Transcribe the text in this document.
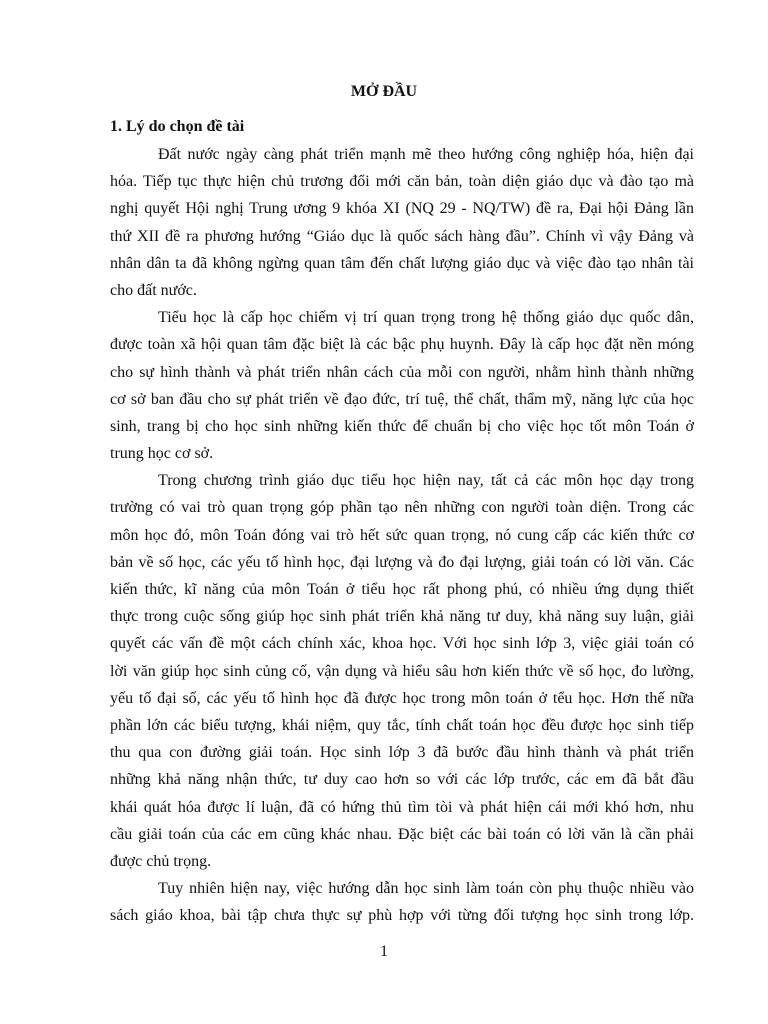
MỞ ĐẦU
1. Lý do chọn đề tài
Đất nước ngày càng phát triển mạnh mẽ theo hướng công nghiệp hóa, hiện đại
hóa. Tiếp tục thực hiện chủ trương đổi mới căn bản, toàn diện giáo dục và đào tạo mà
nghị quyết Hội nghị Trung ương 9 khóa XI (NQ 29 - NQ/TW) đề ra, Đại hội Đảng lần
thứ XII đề ra phương hướng “Giáo dục là quốc sách hàng đầu”. Chính vì vậy Đảng và
nhân dân ta đã không ngừng quan tâm đến chất lượng giáo dục và việc đào tạo nhân tài
cho đất nước.
Tiểu học là cấp học chiếm vị trí quan trọng trong hệ thống giáo dục quốc dân,
được toàn xã hội quan tâm đặc biệt là các bậc phụ huynh. Đây là cấp học đặt nền móng
cho sự hình thành và phát triển nhân cách của mỗi con người, nhằm hình thành những
cơ sở ban đầu cho sự phát triển về đạo đức, trí tuệ, thể chất, thẩm mỹ, năng lực của học
sinh, trang bị cho học sinh những kiến thức để chuẩn bị cho việc học tốt môn Toán ở
trung học cơ sở.
Trong chương trình giáo dục tiểu học hiện nay, tất cả các môn học dạy trong
trường có vai trò quan trọng góp phần tạo nên những con người toàn diện. Trong các
môn học đó, môn Toán đóng vai trò hết sức quan trọng, nó cung cấp các kiến thức cơ
bản về số học, các yếu tố hình học, đại lượng và đo đại lượng, giải toán có lời văn. Các
kiến thức, kĩ năng của môn Toán ở tiểu học rất phong phú, có nhiều ứng dụng thiết
thực trong cuộc sống giúp học sinh phát triển khả năng tư duy, khả năng suy luận, giải
quyết các vấn đề một cách chính xác, khoa học. Với học sinh lớp 3, việc giải toán có
lời văn giúp học sinh củng cố, vận dụng và hiểu sâu hơn kiến thức về số học, đo lường,
yếu tố đại số, các yếu tố hình học đã được học trong môn toán ở tểu học. Hơn thế nữa
phần lớn các biểu tượng, khái niệm, quy tắc, tính chất toán học đều được học sinh tiếp
thu qua con đường giải toán. Học sinh lớp 3 đã bước đầu hình thành và phát triển
những khả năng nhận thức, tư duy cao hơn so với các lớp trước, các em đã bắt đầu
khái quát hóa được lí luận, đã có hứng thủ tìm tòi và phát hiện cái mới khó hơn, nhu
cầu giải toán của các em cũng khác nhau. Đặc biệt các bài toán có lời văn là cần phải
được chủ trọng.
Tuy nhiên hiện nay, việc hướng dẫn học sinh làm toán còn phụ thuộc nhiều vào
sách giáo khoa, bài tập chưa thực sự phù hợp với từng đối tượng học sinh trong lớp.
1
